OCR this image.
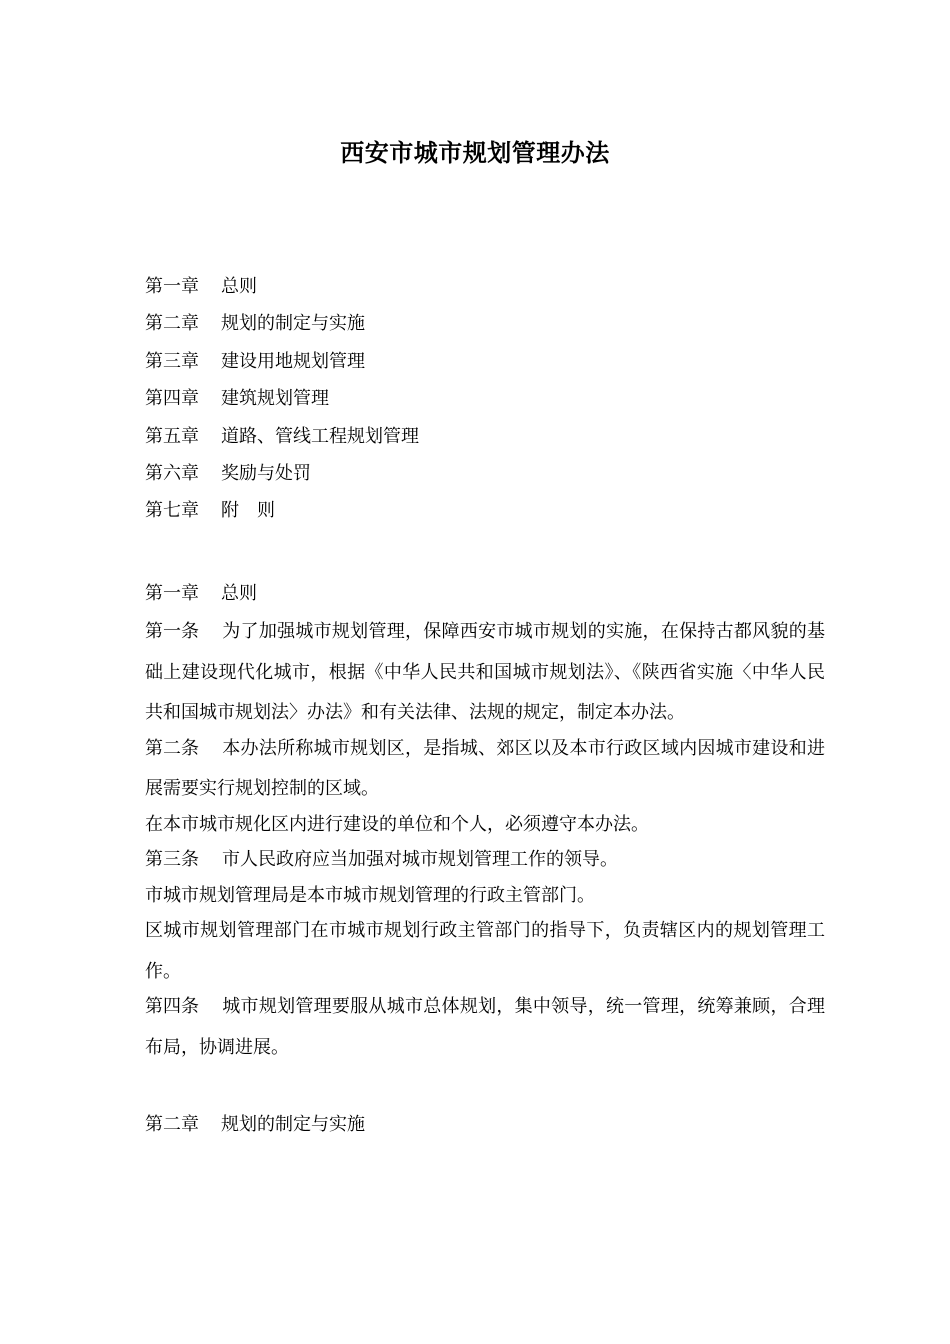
西安市城市规划管理办法
第一章 总则
第二章 规划的制定与实施
第三章 建设用地规划管理
第四章 建筑规划管理
第五章 道路、管线工程规划管理
第六章 奖励与处罚
第七章 附　则
第一章 总则
第一条 为了加强城市规划管理，保障西安市城市规划的实施，在保持古都风貌的基础上建设现代化城市，根据《中华人民共和国城市规划法》、《陕西省实施〈中华人民共和国城市规划法〉办法》和有关法律、法规的规定，制定本办法。
第二条 本办法所称城市规划区，是指城、郊区以及本市行政区域内因城市建设和进展需要实行规划控制的区域。
在本市城市规化区内进行建设的单位和个人，必须遵守本办法。
第三条 市人民政府应当加强对城市规划管理工作的领导。
市城市规划管理局是本市城市规划管理的行政主管部门。
区城市规划管理部门在市城市规划行政主管部门的指导下，负责辖区内的规划管理工作。
第四条 城市规划管理要服从城市总体规划，集中领导，统一管理，统筹兼顾，合理布局，协调进展。
第二章 规划的制定与实施
